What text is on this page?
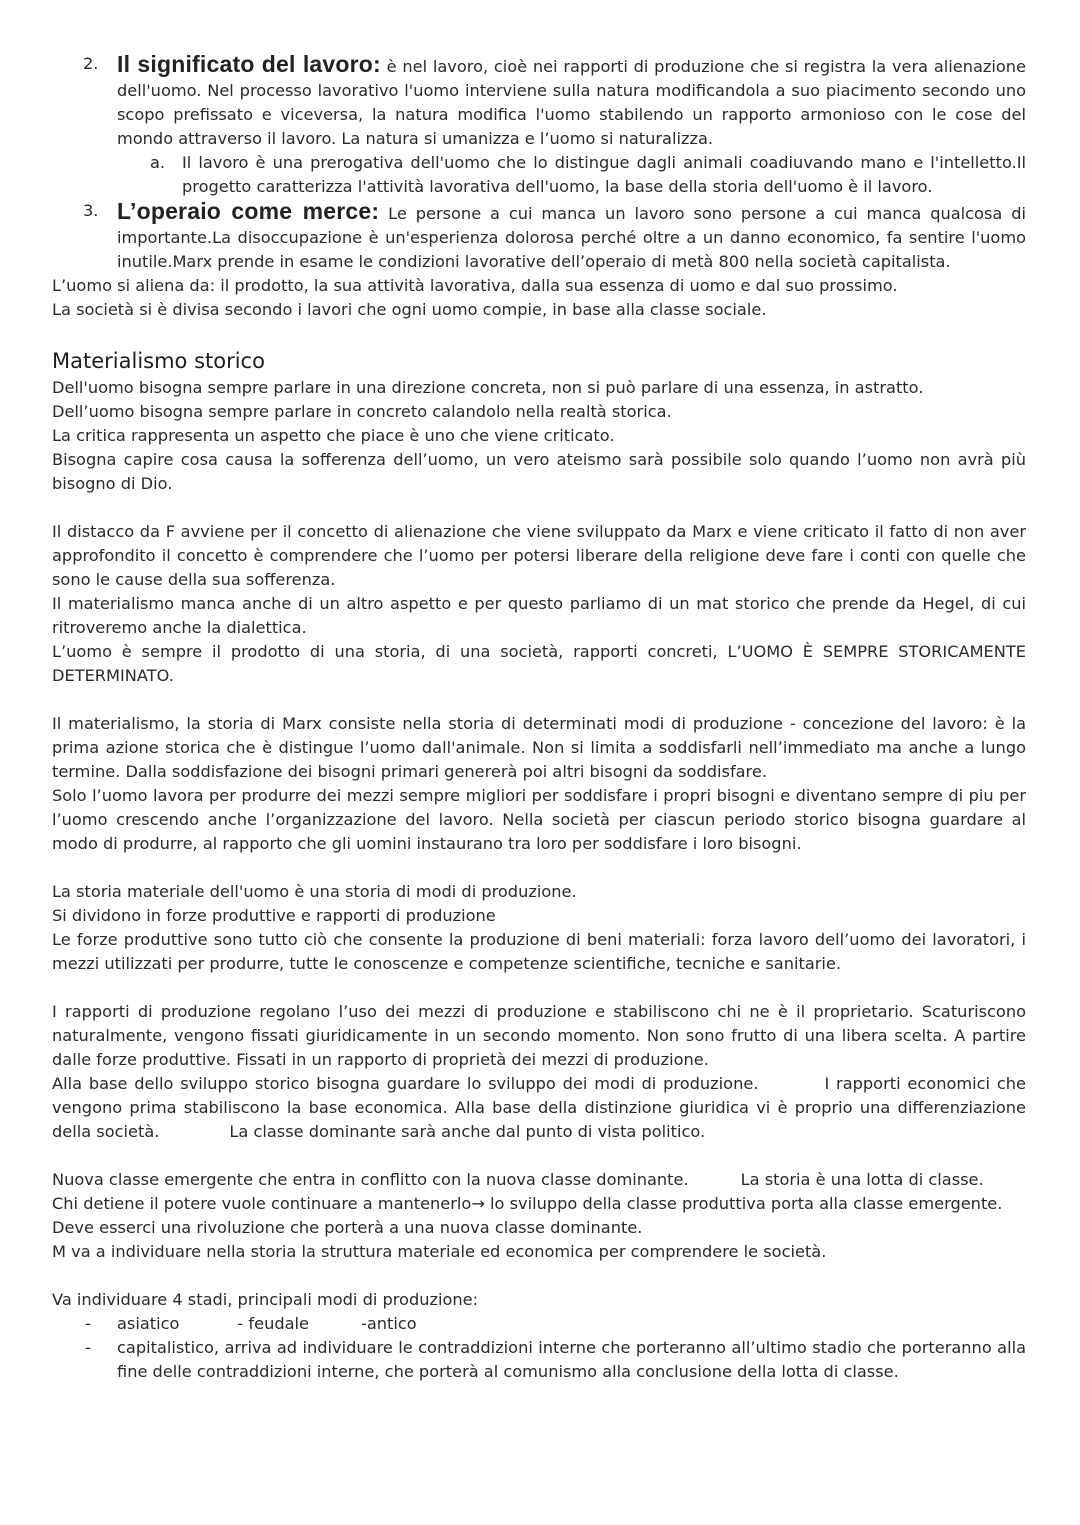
2. Il significato del lavoro: è nel lavoro, cioè nei rapporti di produzione che si registra la vera alienazione dell'uomo. Nel processo lavorativo l'uomo interviene sulla natura modificandola a suo piacimento secondo uno scopo prefissato e viceversa, la natura modifica l'uomo stabilendo un rapporto armonioso con le cose del mondo attraverso il lavoro. La natura si umanizza e l’uomo si naturalizza.
a. Il lavoro è una prerogativa dell'uomo che lo distingue dagli animali coadiuvando mano e l'intelletto.Il progetto caratterizza l'attività lavorativa dell'uomo, la base della storia dell'uomo è il lavoro.
3. L’operaio come merce: Le persone a cui manca un lavoro sono persone a cui manca qualcosa di importante.La disoccupazione è un'esperienza dolorosa perché oltre a un danno economico, fa sentire l'uomo inutile.Marx prende in esame le condizioni lavorative dell’operaio di metà 800 nella società capitalista.

L’uomo si aliena da: il prodotto, la sua attività lavorativa, dalla sua essenza di uomo e dal suo prossimo.

La società si è divisa secondo i lavori che ogni uomo compie, in base alla classe sociale.

Materialismo storico

Dell'uomo bisogna sempre parlare in una direzione concreta, non si può parlare di una essenza, in astratto.

Dell’uomo bisogna sempre parlare in concreto calandolo nella realtà storica.

La critica rappresenta un aspetto che piace è uno che viene criticato.

Bisogna capire cosa causa la sofferenza dell’uomo, un vero ateismo sarà possibile solo quando l’uomo non avrà più bisogno di Dio.

Il distacco da F avviene per il concetto di alienazione che viene sviluppato da Marx e viene criticato il fatto di non aver approfondito il concetto è comprendere che l’uomo per potersi liberare della religione deve fare i conti con quelle che sono le cause della sua sofferenza.

Il materialismo manca anche di un altro aspetto e per questo parliamo di un mat storico che prende da Hegel, di cui ritroveremo anche la dialettica.

L’uomo è sempre il prodotto di una storia, di una società, rapporti concreti, L’UOMO È SEMPRE STORICAMENTE DETERMINATO.

Il materialismo, la storia di Marx consiste nella storia di determinati modi di produzione - concezione del lavoro: è la prima azione storica che è distingue l’uomo dall'animale. Non si limita a soddisfarli nell’immediato ma anche a lungo termine. Dalla soddisfazione dei bisogni primari genererà poi altri bisogni da soddisfare.

Solo l’uomo lavora per produrre dei mezzi sempre migliori per soddisfare i propri bisogni e diventano sempre di piu per l’uomo crescendo anche l’organizzazione del lavoro. Nella società per ciascun periodo storico bisogna guardare al modo di produrre, al rapporto che gli uomini instaurano tra loro per soddisfare i loro bisogni.

La storia materiale dell'uomo è una storia di modi di produzione.

Si dividono in forze produttive e rapporti di produzione

Le forze produttive sono tutto ciò che consente la produzione di beni materiali: forza lavoro dell’uomo dei lavoratori, i mezzi utilizzati per produrre, tutte le conoscenze e competenze scientifiche, tecniche e sanitarie.

I rapporti di produzione regolano l’uso dei mezzi di produzione e stabiliscono chi ne è il proprietario. Scaturiscono naturalmente, vengono fissati giuridicamente in un secondo momento. Non sono frutto di una libera scelta. A partire dalle forze produttive. Fissati in un rapporto di proprietà dei mezzi di produzione.

Alla base dello sviluppo storico bisogna guardare lo sviluppo dei modi di produzione.	I rapporti economici che vengono prima stabiliscono la base economica. Alla base della distinzione giuridica vi è proprio una differenziazione della società.	La classe dominante sarà anche dal punto di vista politico.

Nuova classe emergente che entra in conflitto con la nuova classe dominante.	La storia è una lotta di classe.

Chi detiene il potere vuole continuare a mantenerlo→ lo sviluppo della classe produttiva porta alla classe emergente.

Deve esserci una rivoluzione che porterà a una nuova classe dominante.

M va a individuare nella storia la struttura materiale ed economica per comprendere le società.

Va individuare 4 stadi, principali modi di produzione:

- asiatico	- feudale	-antico
- capitalistico, arriva ad individuare le contraddizioni interne che porteranno all’ultimo stadio che porteranno alla fine delle contraddizioni interne, che porterà al comunismo alla conclusione della lotta di classe.
